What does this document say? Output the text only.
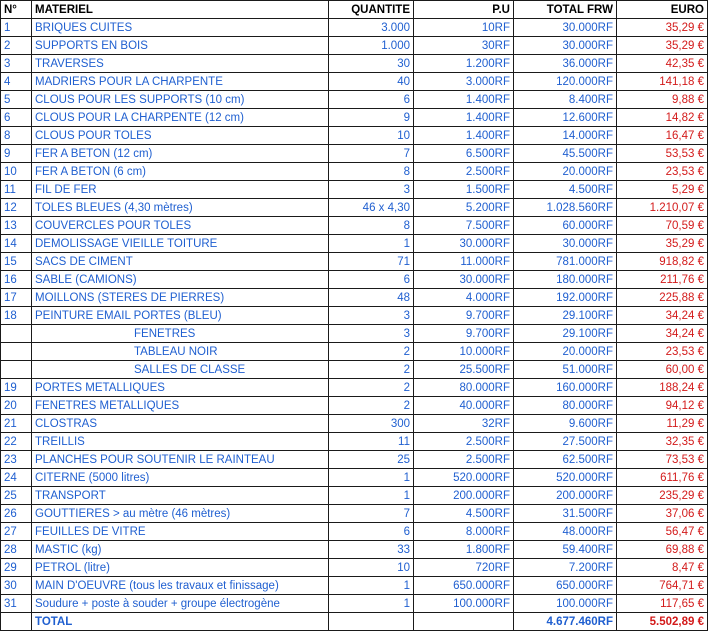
N°	MATERIEL	QUANTITE	P.U	TOTAL FRW	EURO
1	BRIQUES CUITES	3.000	10RF	30.000RF	35,29 €
2	SUPPORTS EN BOIS	1.000	30RF	30.000RF	35,29 €
3	TRAVERSES	30	1.200RF	36.000RF	42,35 €
4	MADRIERS POUR LA CHARPENTE	40	3.000RF	120.000RF	141,18 €
5	CLOUS POUR LES SUPPORTS (10 cm)	6	1.400RF	8.400RF	9,88 €
6	CLOUS POUR LA CHARPENTE (12 cm)	9	1.400RF	12.600RF	14,82 €
8	CLOUS POUR TOLES	10	1.400RF	14.000RF	16,47 €
9	FER A BETON (12 cm)	7	6.500RF	45.500RF	53,53 €
10	FER A BETON (6 cm)	8	2.500RF	20.000RF	23,53 €
11	FIL DE FER	3	1.500RF	4.500RF	5,29 €
12	TOLES BLEUES (4,30 mètres)	46 x 4,30	5.200RF	1.028.560RF	1.210,07 €
13	COUVERCLES POUR TOLES	8	7.500RF	60.000RF	70,59 €
14	DEMOLISSAGE VIEILLE TOITURE	1	30.000RF	30.000RF	35,29 €
15	SACS DE CIMENT	71	11.000RF	781.000RF	918,82 €
16	SABLE (CAMIONS)	6	30.000RF	180.000RF	211,76 €
17	MOILLONS (STERES DE PIERRES)	48	4.000RF	192.000RF	225,88 €
18	PEINTURE EMAIL PORTES (BLEU)	3	9.700RF	29.100RF	34,24 €
	FENETRES	3	9.700RF	29.100RF	34,24 €
	TABLEAU NOIR	2	10.000RF	20.000RF	23,53 €
	SALLES DE CLASSE	2	25.500RF	51.000RF	60,00 €
19	PORTES METALLIQUES	2	80.000RF	160.000RF	188,24 €
20	FENETRES METALLIQUES	2	40.000RF	80.000RF	94,12 €
21	CLOSTRAS	300	32RF	9.600RF	11,29 €
22	TREILLIS	11	2.500RF	27.500RF	32,35 €
23	PLANCHES POUR SOUTENIR LE RAINTEAU	25	2.500RF	62.500RF	73,53 €
24	CITERNE (5000 litres)	1	520.000RF	520.000RF	611,76 €
25	TRANSPORT	1	200.000RF	200.000RF	235,29 €
26	GOUTTIERES > au mètre (46 mètres)	7	4.500RF	31.500RF	37,06 €
27	FEUILLES DE VITRE	6	8.000RF	48.000RF	56,47 €
28	MASTIC (kg)	33	1.800RF	59.400RF	69,88 €
29	PETROL (litre)	10	720RF	7.200RF	8,47 €
30	MAIN D'OEUVRE (tous les travaux et finissage)	1	650.000RF	650.000RF	764,71 €
31	Soudure + poste à souder + groupe électrogène	1	100.000RF	100.000RF	117,65 €
	TOTAL			4.677.460RF	5.502,89 €
